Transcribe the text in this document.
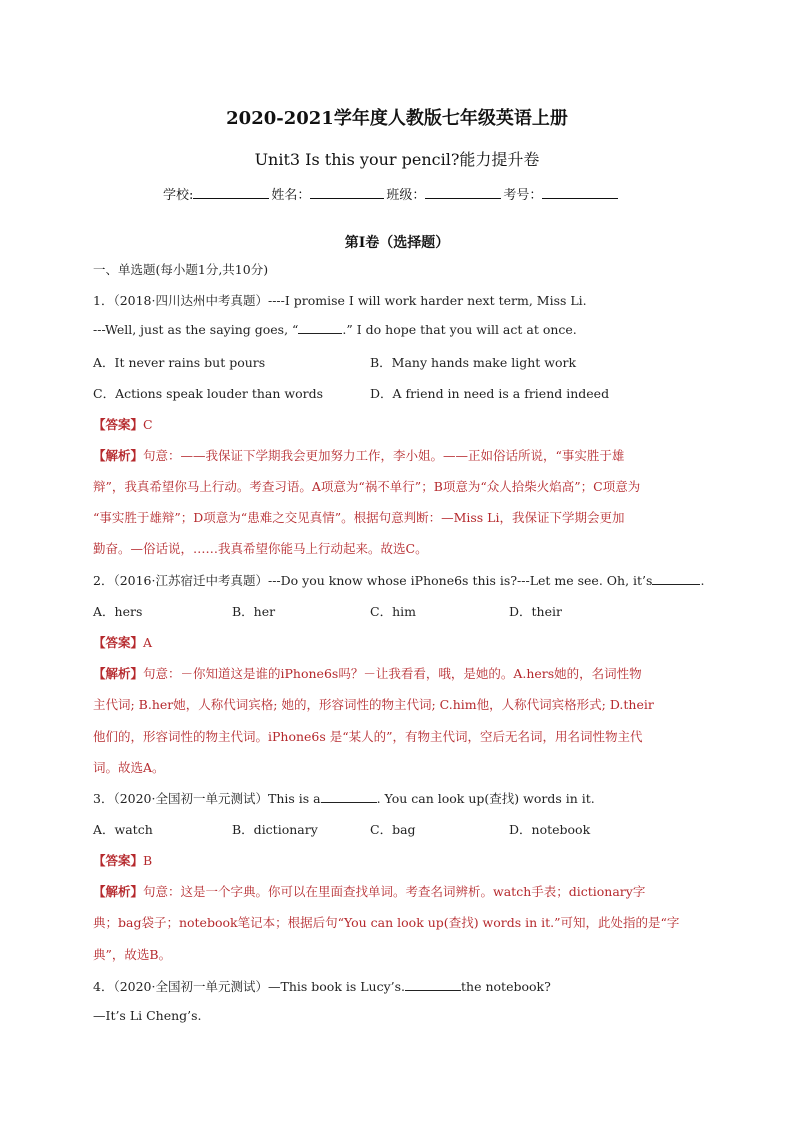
2020-2021学年度人教版七年级英语上册
Unit3 Is this your pencil?能力提升卷
学校:	姓名：	班级：	考号：
第I卷（选择题）
一、单选题(每小题1分,共10分)
1．（2018·四川达州中考真题）----I promise I will work harder next term, Miss Li.
---Well, just as the saying goes, “	.” I do hope that you will act at once.
A．It never rains but pours	B．Many hands make light work
C．Actions speak louder than words	D．A friend in need is a friend indeed
【答案】C
【解析】句意：——我保证下学期我会更加努力工作，李小姐。——正如俗话所说，“事实胜于雄
辩”，我真希望你马上行动。考查习语。A项意为“祸不单行”；B项意为“众人拾柴火焰高”；C项意为
“事实胜于雄辩”；D项意为“患难之交见真情”。根据句意判断：—Miss Li，我保证下学期会更加
勤奋。—俗话说，……我真希望你能马上行动起来。故选C。
2．（2016·江苏宿迁中考真题）---Do you know whose iPhone6s this is?---Let me see. Oh, it’s	.
A．hers	B．her	C．him	D．their
【答案】A
【解析】句意：－你知道这是谁的iPhone6s吗？－让我看看，哦，是她的。A.hers她的，名词性物
主代词; B.her她，人称代词宾格; 她的，形容词性的物主代词; C.him他，人称代词宾格形式; D.their
他们的，形容词性的物主代词。iPhone6s 是“某人的”，有物主代词，空后无名词，用名词性物主代
词。故选A。
3．（2020·全国初一单元测试）This is a	. You can look up(查找) words in it.
A．watch	B．dictionary	C．bag	D．notebook
【答案】B
【解析】句意：这是一个字典。你可以在里面查找单词。考查名词辨析。watch手表；dictionary字
典；bag袋子；notebook笔记本；根据后句“You can look up(查找) words in it.”可知，此处指的是“字
典”，故选B。
4．（2020·全国初一单元测试）—This book is Lucy’s.	the notebook?
—It’s Li Cheng’s.
